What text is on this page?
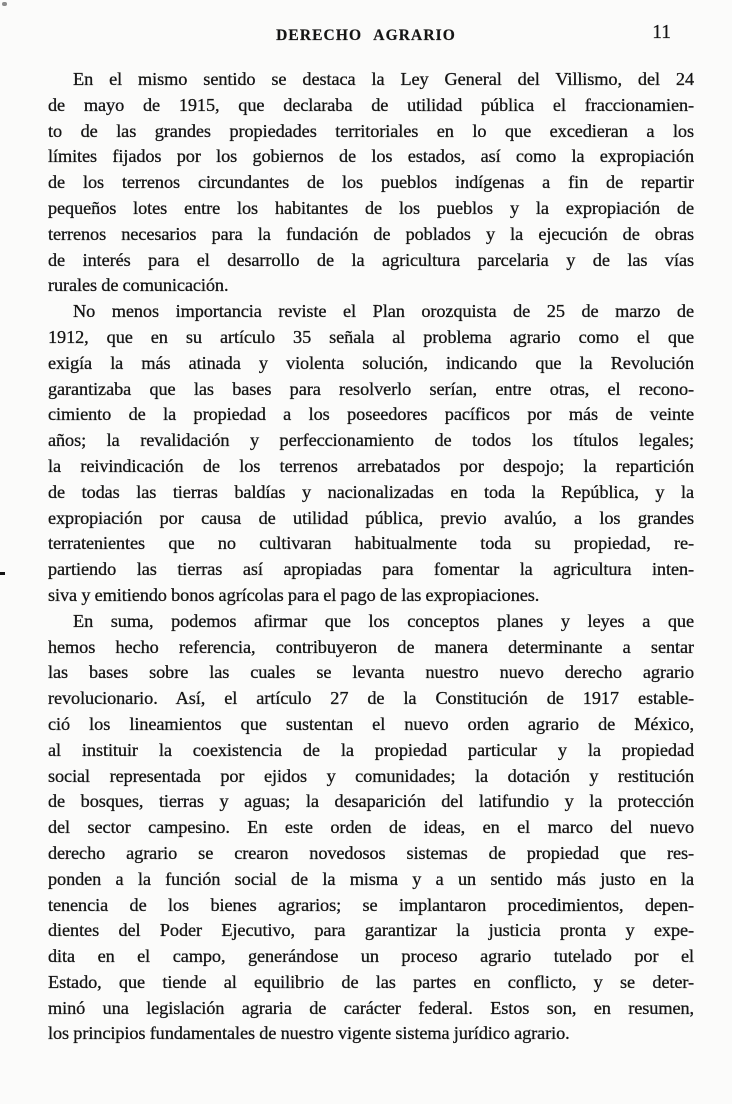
DERECHO AGRARIO	11
En el mismo sentido se destaca la Ley General del Villismo, del 24
de mayo de 1915, que declaraba de utilidad pública el fraccionamien-
to de las grandes propiedades territoriales en lo que excedieran a los
límites fijados por los gobiernos de los estados, así como la expropiación
de los terrenos circundantes de los pueblos indígenas a fin de repartir
pequeños lotes entre los habitantes de los pueblos y la expropiación de
terrenos necesarios para la fundación de poblados y la ejecución de obras
de interés para el desarrollo de la agricultura parcelaria y de las vías
rurales de comunicación.
No menos importancia reviste el Plan orozquista de 25 de marzo de
1912, que en su artículo 35 señala al problema agrario como el que
exigía la más atinada y violenta solución, indicando que la Revolución
garantizaba que las bases para resolverlo serían, entre otras, el recono-
cimiento de la propiedad a los poseedores pacíficos por más de veinte
años; la revalidación y perfeccionamiento de todos los títulos legales;
la reivindicación de los terrenos arrebatados por despojo; la repartición
de todas las tierras baldías y nacionalizadas en toda la República, y la
expropiación por causa de utilidad pública, previo avalúo, a los grandes
terratenientes que no cultivaran habitualmente toda su propiedad, re-
partiendo las tierras así apropiadas para fomentar la agricultura inten-
siva y emitiendo bonos agrícolas para el pago de las expropiaciones.
En suma, podemos afirmar que los conceptos planes y leyes a que
hemos hecho referencia, contribuyeron de manera determinante a sentar
las bases sobre las cuales se levanta nuestro nuevo derecho agrario
revolucionario. Así, el artículo 27 de la Constitución de 1917 estable-
ció los lineamientos que sustentan el nuevo orden agrario de México,
al instituir la coexistencia de la propiedad particular y la propiedad
social representada por ejidos y comunidades; la dotación y restitución
de bosques, tierras y aguas; la desaparición del latifundio y la protección
del sector campesino. En este orden de ideas, en el marco del nuevo
derecho agrario se crearon novedosos sistemas de propiedad que res-
ponden a la función social de la misma y a un sentido más justo en la
tenencia de los bienes agrarios; se implantaron procedimientos, depen-
dientes del Poder Ejecutivo, para garantizar la justicia pronta y expe-
dita en el campo, generándose un proceso agrario tutelado por el
Estado, que tiende al equilibrio de las partes en conflicto, y se deter-
minó una legislación agraria de carácter federal. Estos son, en resumen,
los principios fundamentales de nuestro vigente sistema jurídico agrario.
